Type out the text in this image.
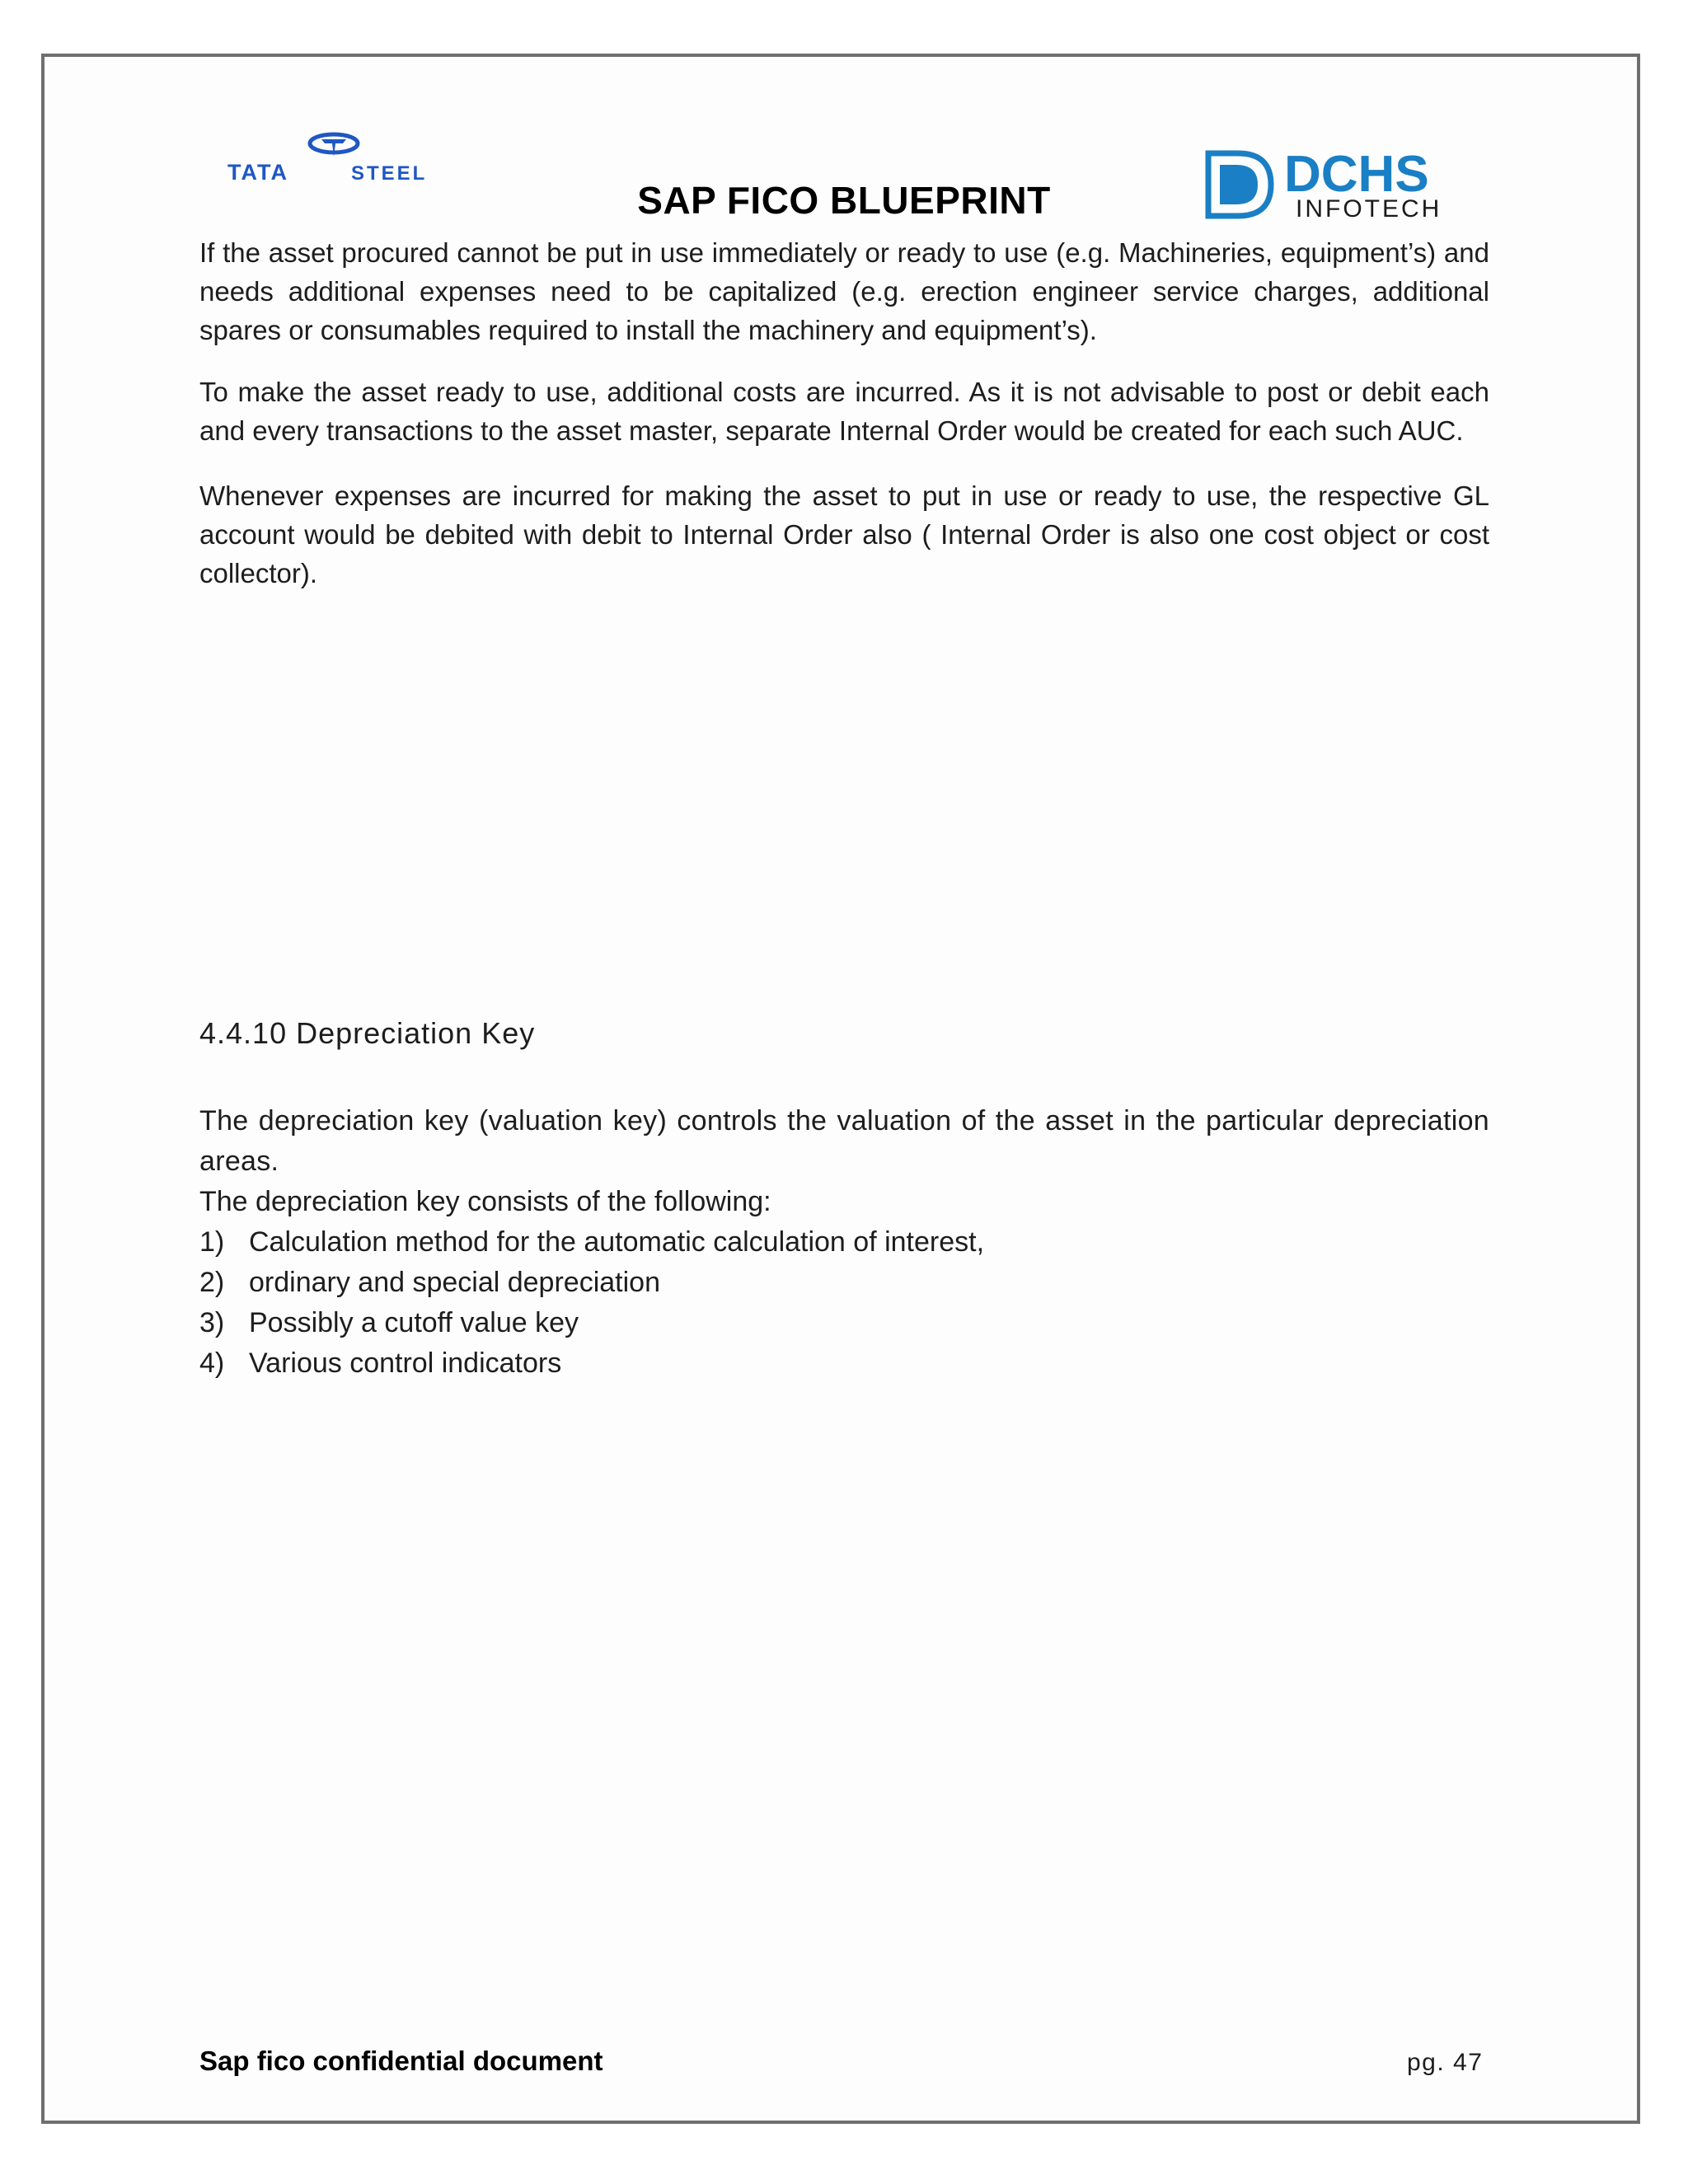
TATA	STEEL	DCHS
INFOTECH
SAP FICO BLUEPRINT

If the asset procured cannot be put in use immediately or ready to use (e.g. Machineries, equipment’s) and needs additional expenses need to be capitalized (e.g. erection engineer service charges, additional spares or consumables required to install the machinery and equipment’s).

To make the asset ready to use, additional costs are incurred. As it is not advisable to post or debit each and every transactions to the asset master, separate Internal Order would be created for each such AUC.

Whenever expenses are incurred for making the asset to put in use or ready to use, the respective GL account would be debited with debit to Internal Order also ( Internal Order is also one cost object or cost collector).

4.4.10 Depreciation Key

The depreciation key (valuation key) controls the valuation of the asset in the particular depreciation areas.

The depreciation key consists of the following:
1) Calculation method for the automatic calculation of interest,
2) ordinary and special depreciation
3) Possibly a cutoff value key
4) Various control indicators
Sap fico confidential document	pg. 47
